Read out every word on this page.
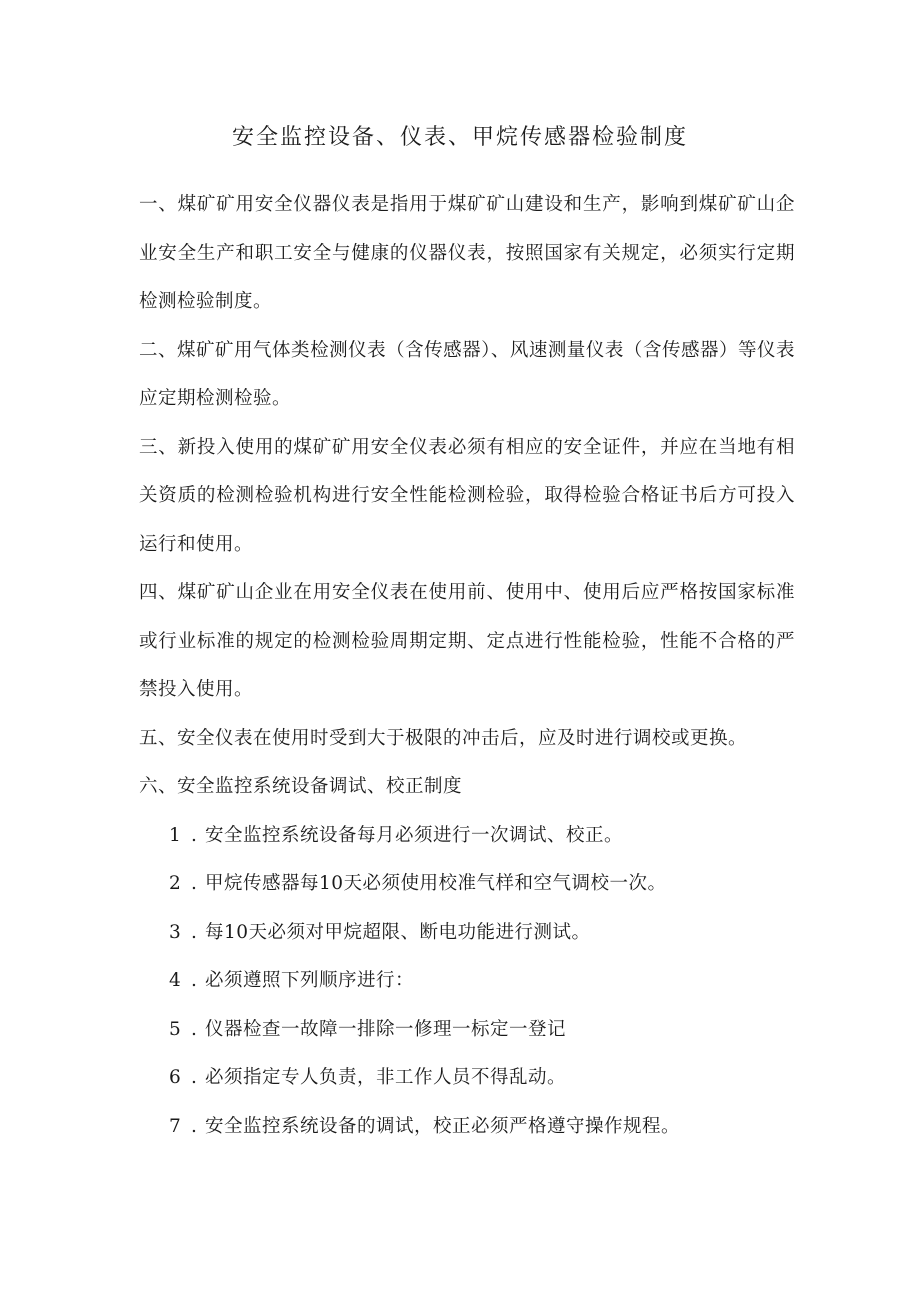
安全监控设备、仪表、甲烷传感器检验制度

一、煤矿矿用安全仪器仪表是指用于煤矿矿山建设和生产，影响到煤矿矿山企业安全生产和职工安全与健康的仪器仪表，按照国家有关规定，必须实行定期检测检验制度。

二、煤矿矿用气体类检测仪表（含传感器）、风速测量仪表（含传感器）等仪表应定期检测检验。

三、新投入使用的煤矿矿用安全仪表必须有相应的安全证件，并应在当地有相关资质的检测检验机构进行安全性能检测检验，取得检验合格证书后方可投入运行和使用。

四、煤矿矿山企业在用安全仪表在使用前、使用中、使用后应严格按国家标准或行业标准的规定的检测检验周期定期、定点进行性能检验，性能不合格的严禁投入使用。

五、安全仪表在使用时受到大于极限的冲击后，应及时进行调校或更换。

六、安全监控系统设备调试、校正制度

1 . 安全监控系统设备每月必须进行一次调试、校正。
2 . 甲烷传感器每10天必须使用校准气样和空气调校一次。
3 . 每10天必须对甲烷超限、断电功能进行测试。
4 . 必须遵照下列顺序进行：
5 . 仪器检查一故障一排除一修理一标定一登记
6 . 必须指定专人负责，非工作人员不得乱动。
7 . 安全监控系统设备的调试，校正必须严格遵守操作规程。
